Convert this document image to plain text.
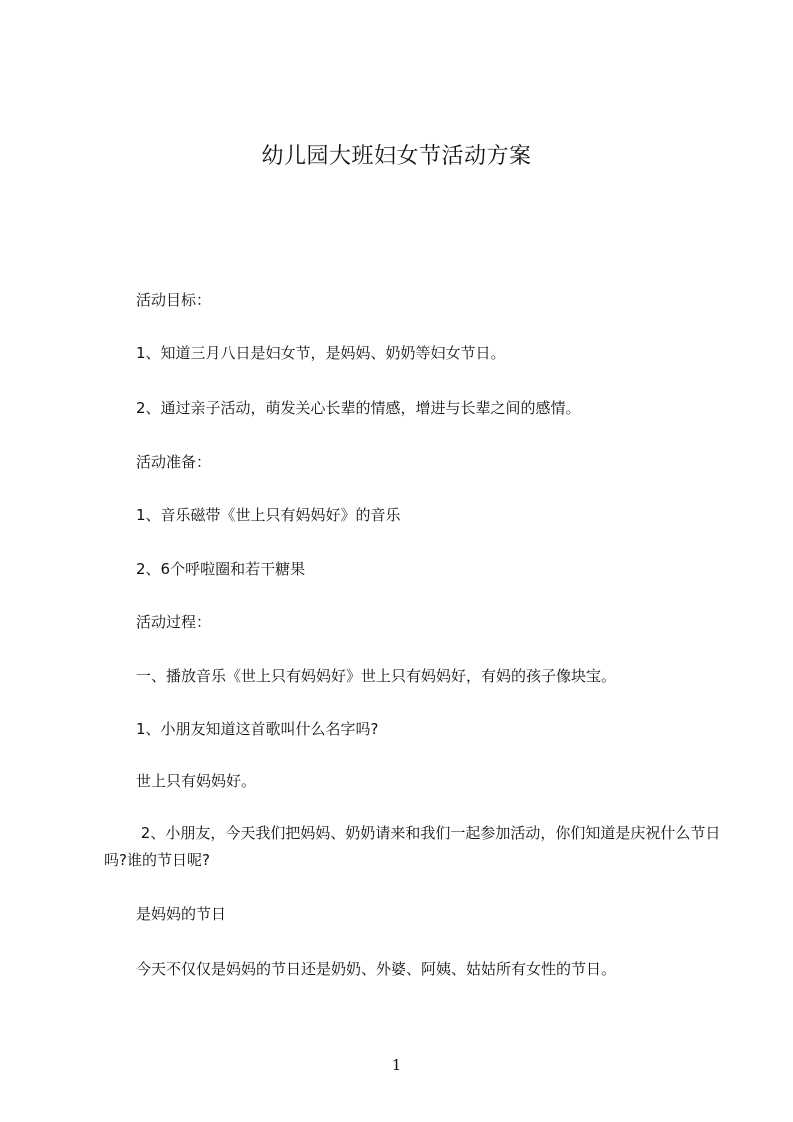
幼儿园大班妇女节活动方案
活动目标：
1、知道三月八日是妇女节，是妈妈、奶奶等妇女节日。
2、通过亲子活动，萌发关心长辈的情感，增进与长辈之间的感情。
活动准备：
1、音乐磁带《世上只有妈妈好》的音乐
2、6个呼啦圈和若干糖果
活动过程：
一、播放音乐《世上只有妈妈好》世上只有妈妈好，有妈的孩子像块宝。
1、小朋友知道这首歌叫什么名字吗?
世上只有妈妈好。
2、小朋友，今天我们把妈妈、奶奶请来和我们一起参加活动，你们知道是庆祝什么节日吗?谁的节日呢?
是妈妈的节日
今天不仅仅是妈妈的节日还是奶奶、外婆、阿姨、姑姑所有女性的节日。
1
